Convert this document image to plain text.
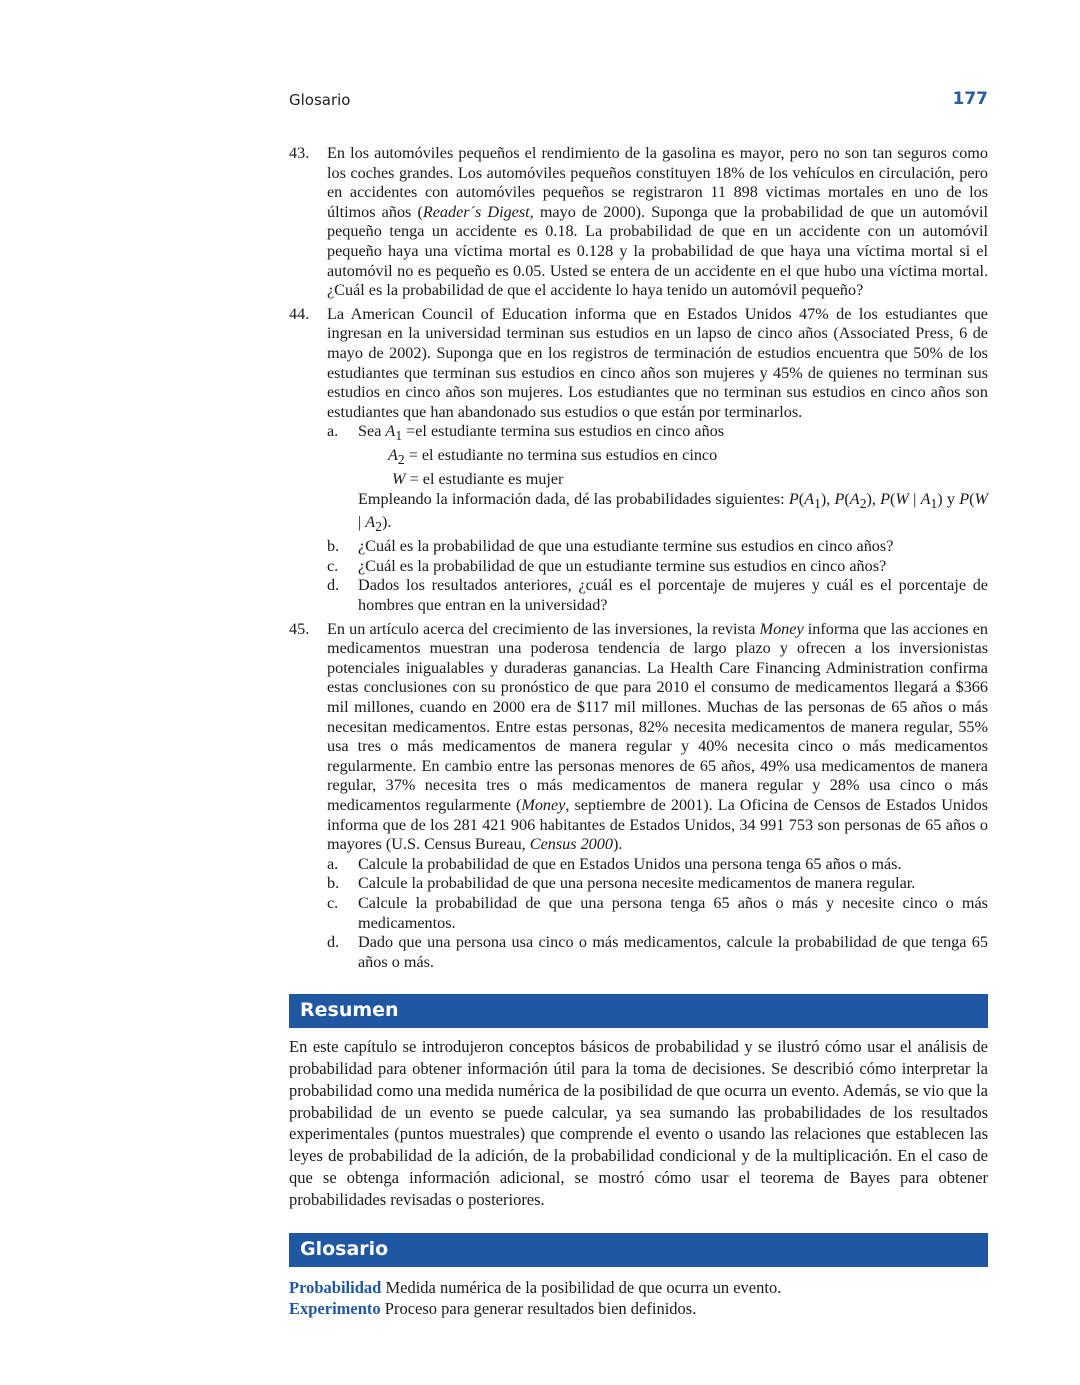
Glosario	177
43.	En los automóviles pequeños el rendimiento de la gasolina es mayor, pero no son tan seguros como los coches grandes. Los automóviles pequeños constituyen 18% de los vehículos en circulación, pero en accidentes con automóviles pequeños se registraron 11 898 victimas mortales en uno de los últimos años (Reader´s Digest, mayo de 2000). Suponga que la probabilidad de que un automóvil pequeño tenga un accidente es 0.18. La probabilidad de que en un accidente con un automóvil pequeño haya una víctima mortal es 0.128 y la probabilidad de que haya una víctima mortal si el automóvil no es pequeño es 0.05. Usted se entera de un accidente en el que hubo una víctima mortal. ¿Cuál es la probabilidad de que el accidente lo haya tenido un automóvil pequeño?
44.	La American Council of Education informa que en Estados Unidos 47% de los estudiantes que ingresan en la universidad terminan sus estudios en un lapso de cinco años (Associated Press, 6 de mayo de 2002). Suponga que en los registros de terminación de estudios encuentra que 50% de los estudiantes que terminan sus estudios en cinco años son mujeres y 45% de quienes no terminan sus estudios en cinco años son mujeres. Los estudiantes que no terminan sus estudios en cinco años son estudiantes que han abandonado sus estudios o que están por terminarlos.
a. Sea $A_1 =el$ estudiante termina sus estudios en cinco años
$A_2$ = el estudiante no termina sus estudios en cinco
W = el estudiante es mujer
Empleando la información dada, dé las probabilidades siguientes: $P(A_1)$, $P(A_2)$, P(W | $A_1$) y P(W | $A_2$).
b. ¿Cuál es la probabilidad de que una estudiante termine sus estudios en cinco años?
c. ¿Cuál es la probabilidad de que un estudiante termine sus estudios en cinco años?
d. Dados los resultados anteriores, ¿cuál es el porcentaje de mujeres y cuál es el porcentaje de hombres que entran en la universidad?
45.	En un artículo acerca del crecimiento de las inversiones, la revista Money informa que las acciones en medicamentos muestran una poderosa tendencia de largo plazo y ofrecen a los inversionistas potenciales inigualables y duraderas ganancias. La Health Care Financing Administration confirma estas conclusiones con su pronóstico de que para 2010 el consumo de medicamentos llegará a $366 mil millones, cuando en 2000 era de $117 mil millones. Muchas de las personas de 65 años o más necesitan medicamentos. Entre estas personas, 82% necesita medicamentos de manera regular, 55% usa tres o más medicamentos de manera regular y 40% necesita cinco o más medicamentos regularmente. En cambio entre las personas menores de 65 años, 49% usa medicamentos de manera regular, 37% necesita tres o más medicamentos de manera regular y 28% usa cinco o más medicamentos regularmente (Money, septiembre de 2001). La Oficina de Censos de Estados Unidos informa que de los 281 421 906 habitantes de Estados Unidos, 34 991 753 son personas de 65 años o mayores (U.S. Census Bureau, Census 2000).
a. Calcule la probabilidad de que en Estados Unidos una persona tenga 65 años o más.
b. Calcule la probabilidad de que una persona necesite medicamentos de manera regular.
c. Calcule la probabilidad de que una persona tenga 65 años o más y necesite cinco o más medicamentos.
d. Dado que una persona usa cinco o más medicamentos, calcule la probabilidad de que tenga 65 años o más.
Resumen
En este capítulo se introdujeron conceptos básicos de probabilidad y se ilustró cómo usar el análisis de probabilidad para obtener información útil para la toma de decisiones. Se describió cómo interpretar la probabilidad como una medida numérica de la posibilidad de que ocurra un evento. Además, se vio que la probabilidad de un evento se puede calcular, ya sea sumando las probabilidades de los resultados experimentales (puntos muestrales) que comprende el evento o usando las relaciones que establecen las leyes de probabilidad de la adición, de la probabilidad condicional y de la multiplicación. En el caso de que se obtenga información adicional, se mostró cómo usar el teorema de Bayes para obtener probabilidades revisadas o posteriores.
Glosario
Probabilidad Medida numérica de la posibilidad de que ocurra un evento.
Experimento Proceso para generar resultados bien definidos.
